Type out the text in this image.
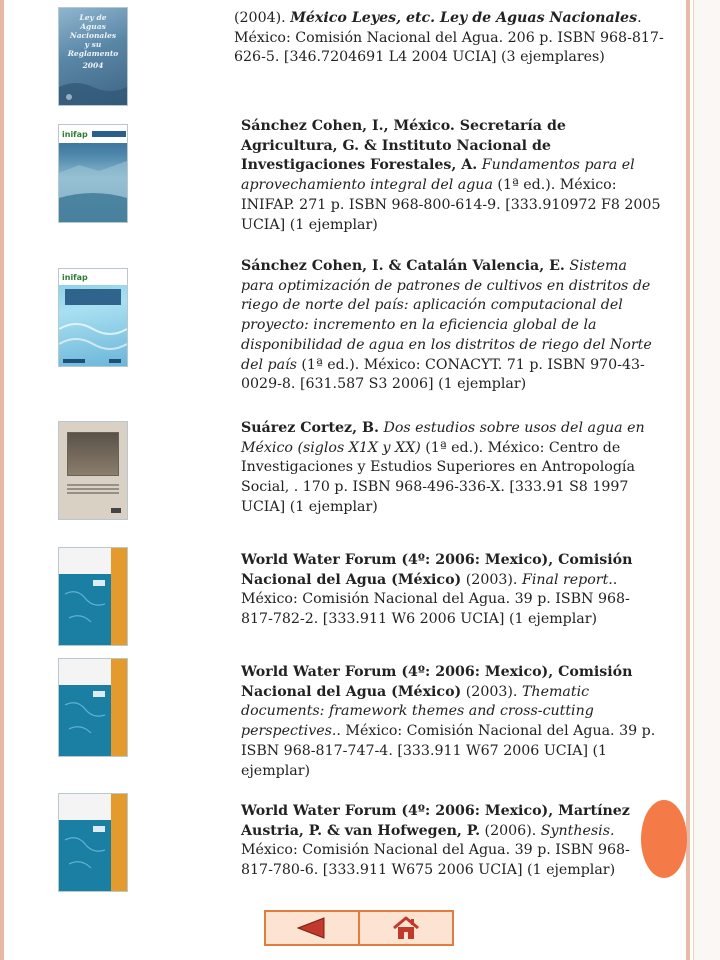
Ley de
Aguas
Nacionales
y su
Reglamento
2004

(2004). México Leyes, etc. Ley de Aguas Nacionales. México: Comisión Nacional del Agua. 206 p. ISBN 968-817-626-5. [346.7204691 L4 2004 UCIA] (3 ejemplares)

inifap	Sánchez Cohen, I., México. Secretaría de Agricultura, G. & Instituto Nacional de Investigaciones Forestales, A. Fundamentos para el aprovechamiento integral del agua (1ª ed.). México: INIFAP. 271 p. ISBN 968-800-614-9. [333.910972 F8 2005 UCIA] (1 ejemplar)

inifap

Sánchez Cohen, I. & Catalán Valencia, E. Sistema para optimización de patrones de cultivos en distritos de riego de norte del país: aplicación computacional del proyecto: incremento en la eficiencia global de la disponibilidad de agua en los distritos de riego del Norte del país (1ª ed.). México: CONACYT. 71 p. ISBN 970-43-0029-8. [631.587 S3 2006] (1 ejemplar)

Suárez Cortez, B. Dos estudios sobre usos del agua en México (siglos X1X y XX) (1ª ed.). México: Centro de Investigaciones y Estudios Superiores en Antropología Social, . 170 p. ISBN 968-496-336-X. [333.91 S8 1997 UCIA] (1 ejemplar)

World Water Forum (4º: 2006: Mexico), Comisión Nacional del Agua (México) (2003). Final report.. México: Comisión Nacional del Agua. 39 p. ISBN 968-817-782-2. [333.911 W6 2006 UCIA] (1 ejemplar)

World Water Forum (4º: 2006: Mexico), Comisión Nacional del Agua (México) (2003). Thematic documents: framework themes and cross-cutting perspectives.. México: Comisión Nacional del Agua. 39 p. ISBN 968-817-747-4. [333.911 W67 2006 UCIA] (1 ejemplar)

World Water Forum (4º: 2006: Mexico), Martínez Austria, P. & van Hofwegen, P. (2006). Synthesis. México: Comisión Nacional del Agua. 39 p. ISBN 968-817-780-6. [333.911 W675 2006 UCIA] (1 ejemplar)
